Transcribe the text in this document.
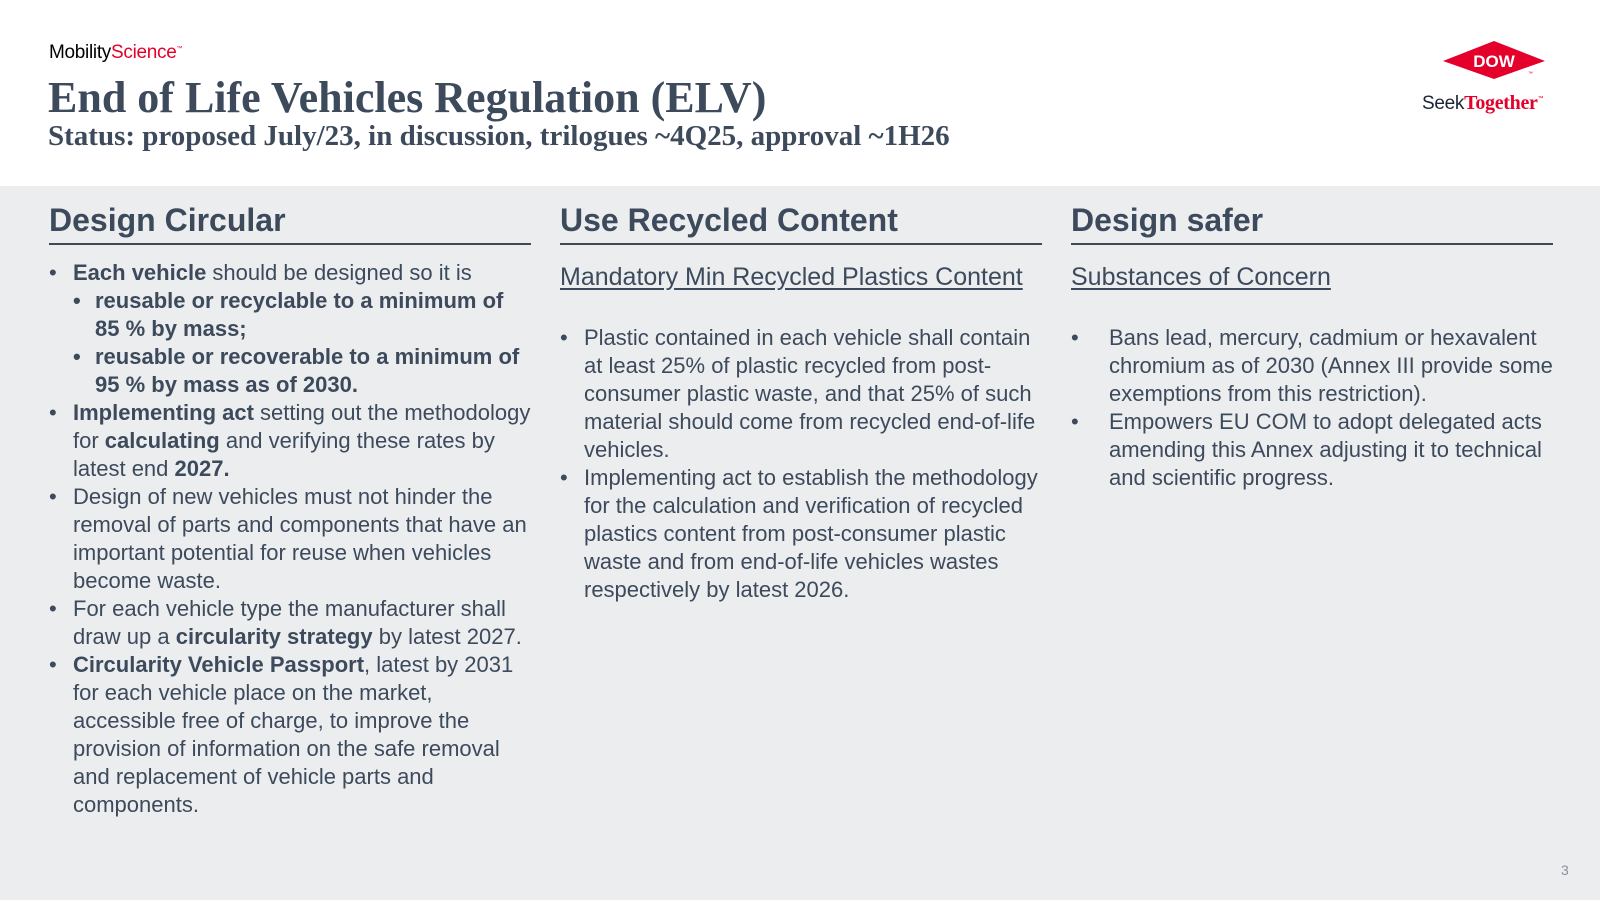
MobilityScience™
End of Life Vehicles Regulation (ELV)
Status: proposed July/23, in discussion, trilogues ~4Q25, approval ~1H26
DOW
™
SeekTogether™
Design Circular
• Each vehicle should be designed so it is
• reusable or recyclable to a minimum of 85 % by mass;
• reusable or recoverable to a minimum of 95 % by mass as of 2030.
• Implementing act setting out the methodology for calculating and verifying these rates by latest end 2027.
• Design of new vehicles must not hinder the removal of parts and components that have an important potential for reuse when vehicles become waste.
• For each vehicle type the manufacturer shall draw up a circularity strategy by latest 2027.
• Circularity Vehicle Passport, latest by 2031 for each vehicle place on the market, accessible free of charge, to improve the provision of information on the safe removal and replacement of vehicle parts and components.
Use Recycled Content
Mandatory Min Recycled Plastics Content
• Plastic contained in each vehicle shall contain at least 25% of plastic recycled from post-consumer plastic waste, and that 25% of such material should come from recycled end-of-life vehicles.
• Implementing act to establish the methodology for the calculation and verification of recycled plastics content from post-consumer plastic waste and from end-of-life vehicles wastes respectively by latest 2026.
Design safer
Substances of Concern
• Bans lead, mercury, cadmium or hexavalent chromium as of 2030 (Annex III provide some exemptions from this restriction).
• Empowers EU COM to adopt delegated acts amending this Annex adjusting it to technical and scientific progress.
3
